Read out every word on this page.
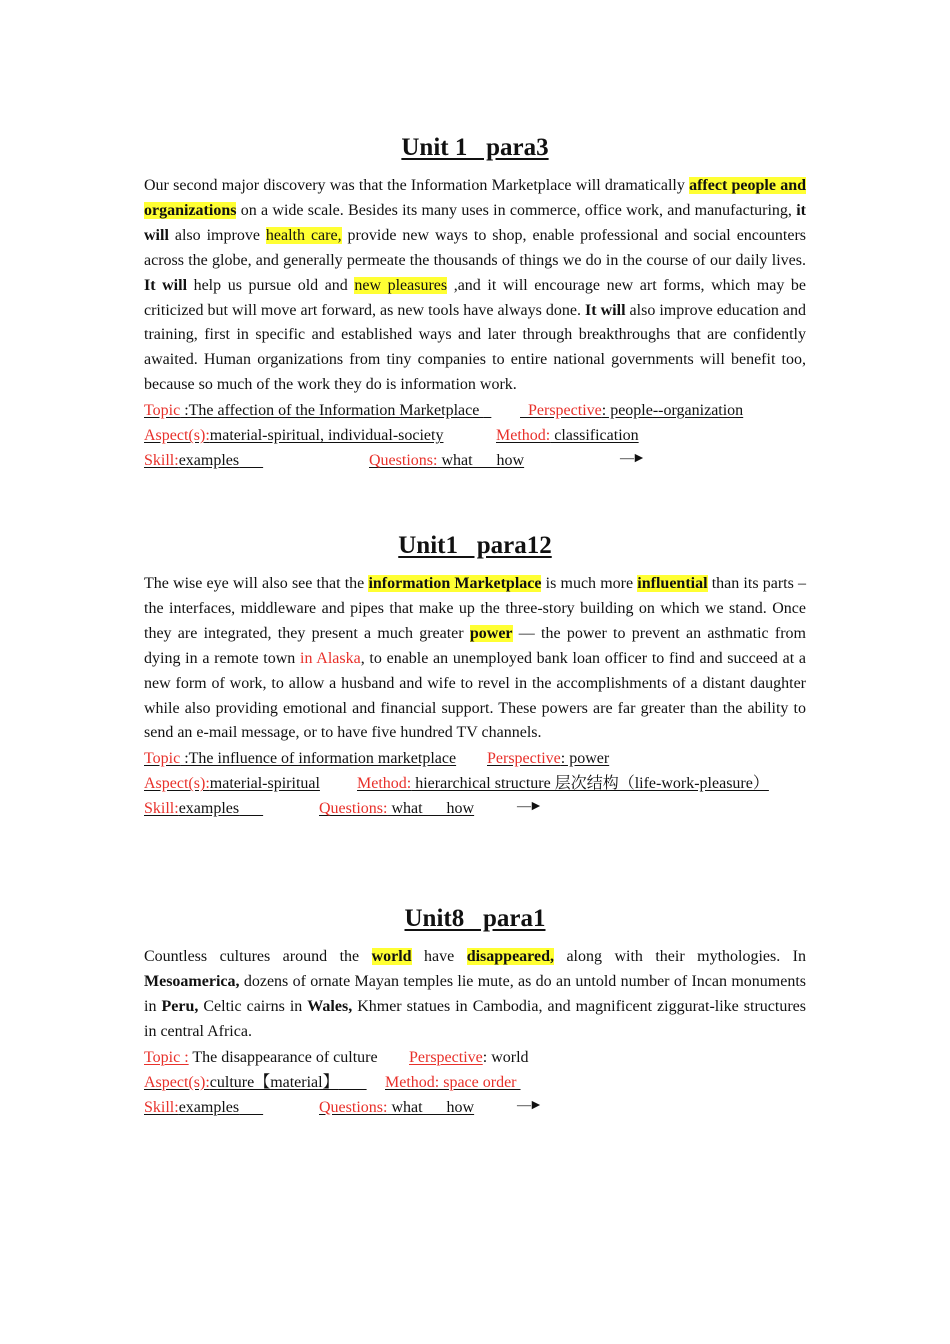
Unit 1   para3

Our second major discovery was that the Information Marketplace will dramatically affect people and organizations on a wide scale. Besides its many uses in commerce, office work, and manufacturing, it will also improve health care, provide new ways to shop, enable professional and social encounters across the globe, and generally permeate the thousands of things we do in the course of our daily lives. It will help us pursue old and new pleasures ,and it will encourage new art forms, which may be criticized but will move art forward, as new tools have always done. It will also improve education and training, first in specific and established ways and later through breakthroughs that are confidently awaited. Human organizations from tiny companies to entire national governments will benefit too, because so much of the work they do is information work.

Topic :The affection of the Information Marketplace	Perspective: people--organization
Aspect(s):material-spiritual, individual-society	Method: classification
Skill:examples	Questions: what      how	—►
Unit1   para12

The wise eye will also see that the information Marketplace is much more influential than its parts –the interfaces, middleware and pipes that make up the three-story building on which we stand. Once they are integrated, they present a much greater power — the power to prevent an asthmatic from dying in a remote town in Alaska, to enable an unemployed bank loan officer to find and succeed at a new form of work, to allow a husband and wife to revel in the accomplishments of a distant daughter while also providing emotional and financial support. These powers are far greater than the ability to send an e-mail message, or to have five hundred TV channels.

Topic :The influence of information marketplace Perspective: power
Aspect(s):material-spiritual Method: hierarchical structure 层次结构（life-work-pleasure）
Skill:examples	Questions: what      how	—►
Unit8   para1

Countless cultures around the world have disappeared, along with their mythologies. In Mesoamerica, dozens of ornate Mayan temples lie mute, as do an untold number of Incan monuments in Peru, Celtic cairns in Wales, Khmer statues in Cambodia, and magnificent ziggurat-like structures in central Africa.

Topic : The disappearance of culture Perspective: world
Aspect(s):culture【material】	Method: space order
Skill:examples	Questions: what      how	—►
